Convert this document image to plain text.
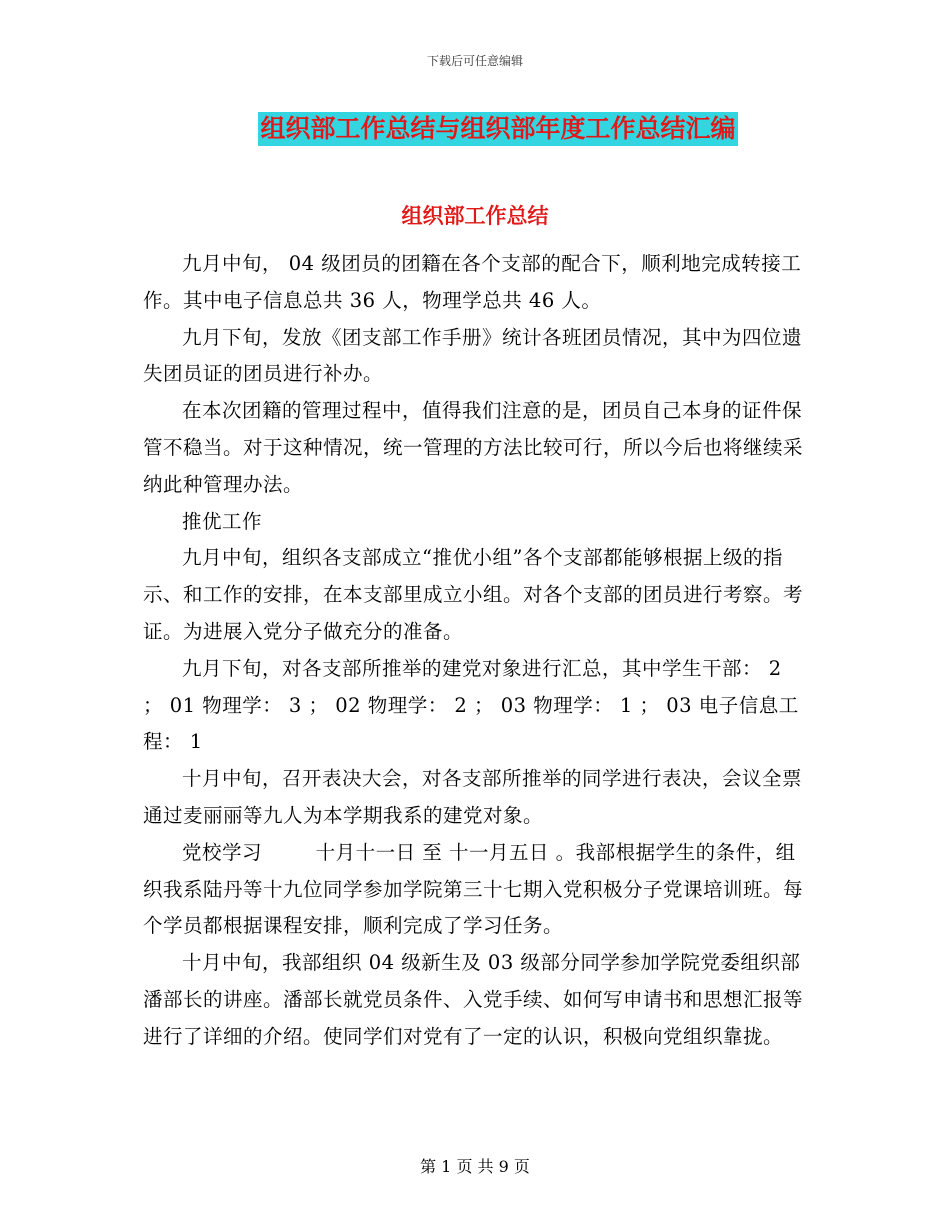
下载后可任意编辑
组织部工作总结与组织部年度工作总结汇编
组织部工作总结

九月中旬， 04 级团员的团籍在各个支部的配合下，顺利地完成转接工作。其中电子信息总共 36 人，物理学总共 46 人。

九月下旬，发放《团支部工作手册》统计各班团员情况，其中为四位遗失团员证的团员进行补办。

在本次团籍的管理过程中，值得我们注意的是，团员自己本身的证件保管不稳当。对于这种情况，统一管理的方法比较可行，所以今后也将继续采纳此种管理办法。

推优工作

九月中旬，组织各支部成立“推优小组”各个支部都能够根据上级的指示、和工作的安排，在本支部里成立小组。对各个支部的团员进行考察。考证。为进展入党分子做充分的准备。

九月下旬，对各支部所推举的建党对象进行汇总，其中学生干部： 2 ； 01 物理学： 3 ； 02 物理学： 2 ； 03 物理学： 1 ； 03 电子信息工程： 1

十月中旬，召开表决大会，对各支部所推举的同学进行表决，会议全票通过麦丽丽等九人为本学期我系的建党对象。

党校学习        十月十一日 至 十一月五日 。我部根据学生的条件，组织我系陆丹等十九位同学参加学院第三十七期入党积极分子党课培训班。每个学员都根据课程安排，顺利完成了学习任务。

十月中旬，我部组织 04 级新生及 03 级部分同学参加学院党委组织部潘部长的讲座。潘部长就党员条件、入党手续、如何写申请书和思想汇报等进行了详细的介绍。使同学们对党有了一定的认识，积极向党组织靠拢。

第 1 页 共 9 页
